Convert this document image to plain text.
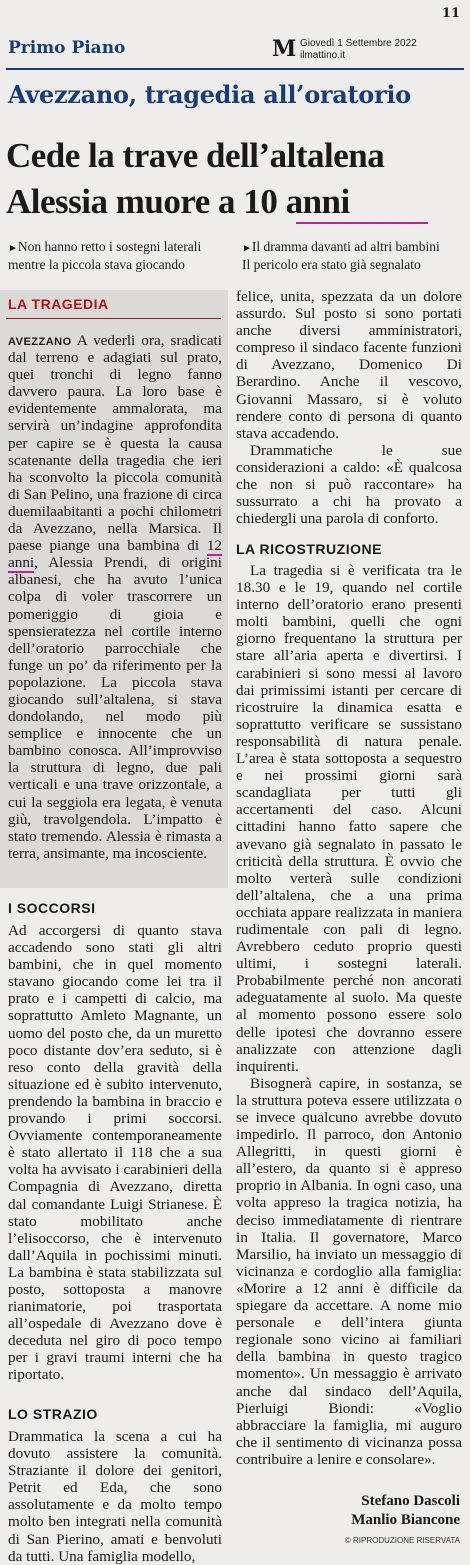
11
Primo Piano	M Giovedì 1 Settembre 2022
ilmattino.it
Avezzano, tragedia all’oratorio
Cede la trave dell’altalena
Alessia muore a 10 anni
►Non hanno retto i sostegni laterali
mentre la piccola stava giocando
►Il dramma davanti ad altri bambini
Il pericolo era stato già segnalato
LA TRAGEDIA

AVEZZANO A vederli ora, sradicati dal terreno e adagiati sul prato, quei tronchi di legno fanno davvero paura. La loro base è evidentemente ammalorata, ma servirà un’indagine approfondita per capire se è questa la causa scatenante della tragedia che ieri ha sconvolto la piccola comunità di San Pelino, una frazione di circa duemilaabitanti a pochi chilometri da Avezzano, nella Marsica. Il paese piange una bambina di 12 anni, Alessia Prendi, di origini albanesi, che ha avuto l’unica colpa di voler trascorrere un pomeriggio di gioia e spensieratezza nel cortile interno dell’oratorio parrocchiale che funge un po’ da riferimento per la popolazione. La piccola stava giocando sull’altalena, si stava dondolando, nel modo più semplice e innocente che un bambino conosca. All’improvviso la struttura di legno, due pali verticali e una trave orizzontale, a cui la seggiola era legata, è venuta giù, travolgendola. L’impatto è stato tremendo. Alessia è rimasta a terra, ansimante, ma incosciente.

I SOCCORSI

Ad accorgersi di quanto stava accadendo sono stati gli altri bambini, che in quel momento stavano giocando come lei tra il prato e i campetti di calcio, ma soprattutto Amleto Magnante, un uomo del posto che, da un muretto poco distante dov’era seduto, si è reso conto della gravità della situazione ed è subito intervenuto, prendendo la bambina in braccio e provando i primi soccorsi. Ovviamente contemporaneamente è stato allertato il 118 che a sua volta ha avvisato i carabinieri della Compagnia di Avezzano, diretta dal comandante Luigi Strianese. È stato mobilitato anche l’elisoccorso, che è intervenuto dall’Aquila in pochissimi minuti. La bambina è stata stabilizzata sul posto, sottoposta a manovre rianimatorie, poi trasportata all’ospedale di Avezzano dove è deceduta nel giro di poco tempo per i gravi traumi interni che ha riportato.

LO STRAZIO

Drammatica la scena a cui ha dovuto assistere la comunità. Straziante il dolore dei genitori, Petrit ed Eda, che sono assolutamente e da molto tempo molto ben integrati nella comunità di San Pierino, amati e benvoluti da tutti. Una famiglia modello,

felice, unita, spezzata da un dolore assurdo. Sul posto si sono portati anche diversi amministratori, compreso il sindaco facente funzioni di Avezzano, Domenico Di Berardino. Anche il vescovo, Giovanni Massaro, si è voluto rendere conto di persona di quanto stava accadendo.

Drammatiche le sue considerazioni a caldo: «È qualcosa che non si può raccontare» ha sussurrato a chi ha provato a chiedergli una parola di conforto.

LA RICOSTRUZIONE

La tragedia si è verificata tra le 18.30 e le 19, quando nel cortile interno dell’oratorio erano presenti molti bambini, quelli che ogni giorno frequentano la struttura per stare all’aria aperta e divertirsi. I carabinieri si sono messi al lavoro dai primissimi istanti per cercare di ricostruire la dinamica esatta e soprattutto verificare se sussistano responsabilità di natura penale. L’area è stata sottoposta a sequestro e nei prossimi giorni sarà scandagliata per tutti gli accertamenti del caso. Alcuni cittadini hanno fatto sapere che avevano già segnalato in passato le criticità della struttura. È ovvio che molto verterà sulle condizioni dell’altalena, che a una prima occhiata appare realizzata in maniera rudimentale con pali di legno. Avrebbero ceduto proprio questi ultimi, i sostegni laterali. Probabilmente perché non ancorati adeguatamente al suolo. Ma queste al momento possono essere solo delle ipotesi che dovranno essere analizzate con attenzione dagli inquirenti.

Bisognerà capire, in sostanza, se la struttura poteva essere utilizzata o se invece qualcuno avrebbe dovuto impedirlo. Il parroco, don Antonio Allegritti, in questi giorni è all’estero, da quanto si è appreso proprio in Albania. In ogni caso, una volta appreso la tragica notizia, ha deciso immediatamente di rientrare in Italia. Il governatore, Marco Marsilio, ha inviato un messaggio di vicinanza e cordoglio alla famiglia: «Morire a 12 anni è difficile da spiegare da accettare. A nome mio personale e dell’intera giunta regionale sono vicino ai familiari della bambina in questo tragico momento». Un messaggio è arrivato anche dal sindaco dell’Aquila, Pierluigi Biondi: «Voglio abbracciare la famiglia, mi auguro che il sentimento di vicinanza possa contribuire a lenire e consolare».

Stefano Dascoli
Manlio Biancone
© RIPRODUZIONE RISERVATA
